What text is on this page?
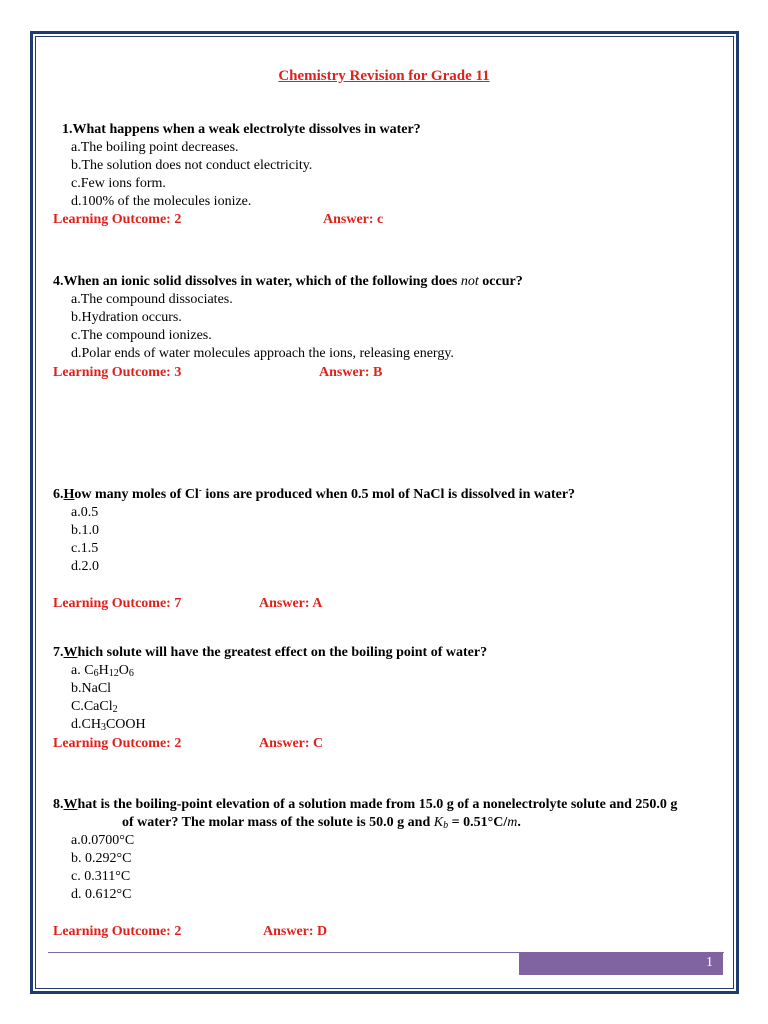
Chemistry Revision for Grade 11
1.What happens when a weak electrolyte dissolves in water?
a.The boiling point decreases.
b.The solution does not conduct electricity.
c.Few ions form.
d.100% of the molecules ionize.
Learning Outcome: 2	Answer: c
4.When an ionic solid dissolves in water, which of the following does not occur?
a.The compound dissociates.
b.Hydration occurs.
c.The compound ionizes.
d.Polar ends of water molecules approach the ions, releasing energy.
Learning Outcome: 3	Answer: B
6.How many moles of Cl- ions are produced when 0.5 mol of NaCl is dissolved in water?
a.0.5
b.1.0
c.1.5
d.2.0
Learning Outcome: 7	Answer: A
7.Which solute will have the greatest effect on the boiling point of water?
a. $C_6H_{12}O_6$
b.NaCl
C.CaCl$_2$
$d.CH_3COOH$
Learning Outcome: 2	Answer: C
8.What is the boiling-point elevation of a solution made from 15.0 g of a nonelectrolyte solute and 250.0 g
of water? The molar mass of the solute is 50.0 g and $K_b = 0.51^\circ C/m$.
a.0.0700°C
b. 0.292°C
c. 0.311°C
d. 0.612°C
Learning Outcome: 2	Answer: D
1
